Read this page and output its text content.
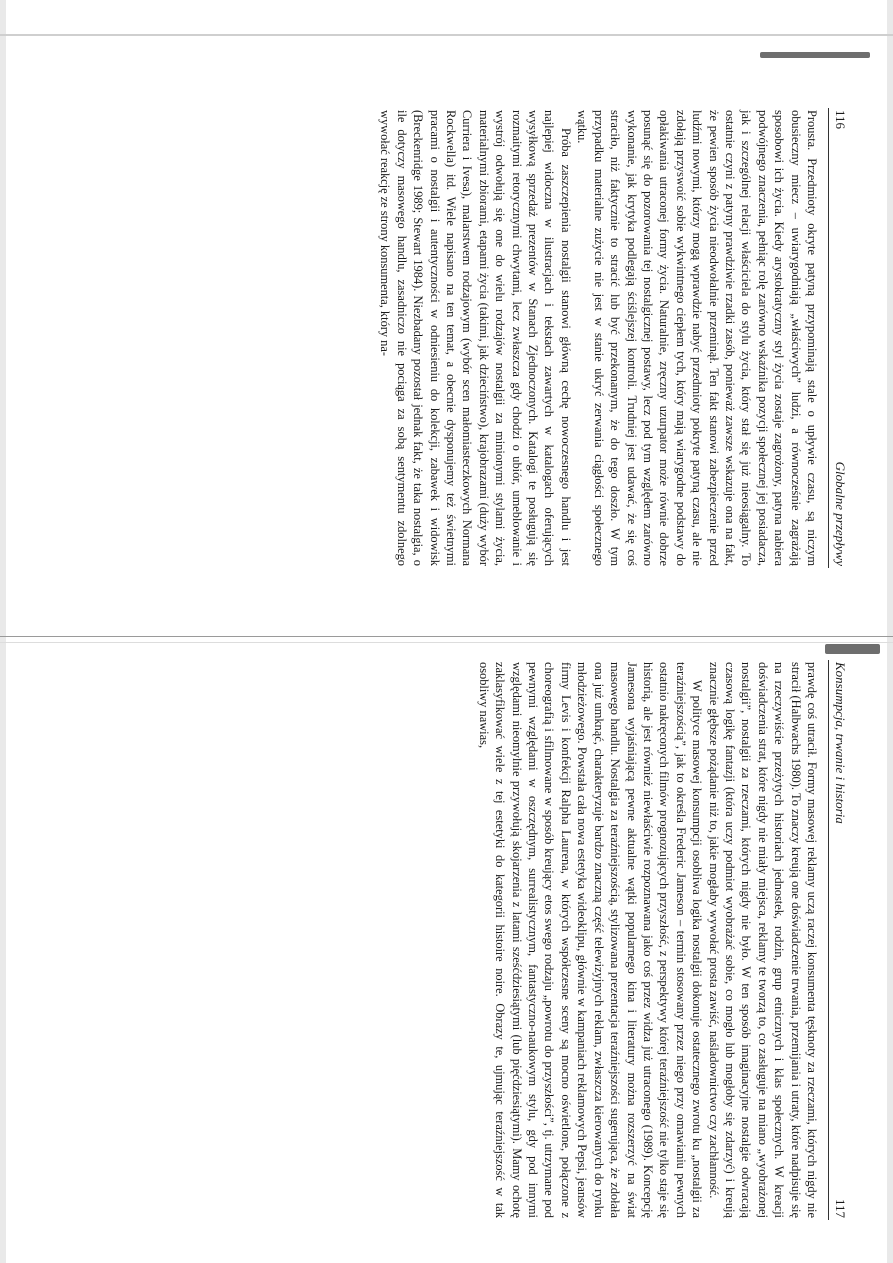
116
Globalne przepływy

Prousta. Przedmioty okryte patyną przypominają stale o upływie czasu, są niczym obusieczny miecz – uwiarygodniają „właściwych” ludzi, a równocześnie zagrażają sposobowi ich życia. Kiedy arystokratyczny styl życia zostaje zagrożony, patyna nabiera podwójnego znaczenia, pełniąc rolę zarówno wskaźnika pozycji społecznej jej posiadacza, jak i szczególnej relacji właściciela do stylu życia, który stał się już nieosiągalny. To ostatnie czyni z patyny prawdziwie rzadki zasób, ponieważ zawsze wskazuje ona na fakt, że pewien sposób życia nieodwołalnie przeminął. Ten fakt stanowi zabezpieczenie przed ludźmi nowymi, którzy mogą wprawdzie nabyć przedmioty pokryte patyną czasu, ale nie zdołają przyswoić sobie wykwintnego ciepłem tych, który mają wiarygodne podstawy do opłakiwania utraconej formy życia. Naturalnie, zręczny uzurpator może równie dobrze posunąć się do pozorowania tej nostalgicznej postawy, lecz pod tym względem zarówno wykonanie, jak krytyka podlegają ściślejszej kontroli. Trudniej jest udawać, że się coś straciło, niż faktycznie to stracić lub być przekonanym, że do tego doszło. W tym przypadku materialne zużycie nie jest w stanie ukryć zerwania ciągłości społecznego wątku.

Próba zaszczepienia nostalgii stanowi główną cechę nowoczesnego handlu i jest najlepiej widoczna w ilustracjach i tekstach zawartych w katalogach oferujących wysyłkową sprzedaż prezentów w Stanach Zjednoczonych. Katalogi te posługują się rozmaitymi retorycznymi chwytami, lecz zwłaszcza gdy chodzi o ubiór, umeblowanie i wystrój odwołują się one do wielu rodzajów nostalgii za minionymi stylami życia, materialnymi zbiorami, etapami życia (takimi, jak dzieciństwo), krajobrazami (duży wybór Curriera i Ivesa), malarstwem rodzajowym (wybór scen małomiasteczkowych Normana Rockwella) itd. Wiele napisano na ten temat, a obecnie dysponujemy też świetnymi pracami o nostalgii i autentyczności w odniesieniu do kolekcji, zabawek i widowisk (Breckenridge 1989; Stewart 1984). Niezbadany pozostał jednak fakt, że taka nostalgia, o ile dotyczy masowego handlu, zasadniczo nie pociąga za sobą sentymentu zdolnego wywołać reakcję ze strony konsumenta, który na-

Konsumpcja, trwanie i historia
117

prawdę coś utracił. Formy masowej reklamy uczą raczej konsumenta tęsknoty za rzeczami, których nigdy nie stracił (Halbwachs 1980). To znaczy kreują one doświadczenie trwania, przemijania i utraty, które nadpisuje się na rzeczywiście przeżytych historiach jednostek, rodzin, grup etnicznych i klas społecznych. W kreacji doświadczenia strat, które nigdy nie miały miejsca, reklamy te tworzą to, co zasługuje na miano „wyobrażonej nostalgii”, nostalgii za rzeczami, których nigdy nie było. W ten sposób imaginacyjne nostalgie odwracają czasową logikę fantazji (która uczy podmiot wyobrażać sobie, co mogło lub mogłoby się zdarzyć) i kreują znacznie głębsze pożądanie niż to, jakie mogłaby wywołać prosta zawiść, naśladownictwo czy zachłanność.

W polityce masowej konsumpcji osobliwa logika nostalgii dokonuje ostatecznego zwrotu ku „nostalgii za teraźniejszością”, jak to określa Frederic Jameson – termin stosowany przez niego przy omawianiu pewnych ostatnio nakręconych filmów prognozujących przyszłość, z perspektywy której teraźniejszość nie tylko staje się historią, ale jest również niewłaściwie rozpoznawana jako coś przez widza już utraconego (1989). Koncepcję Jamesona wyjaśniającą pewne aktualne wątki popularnego kina i literatury można rozszerzyć na świat masowego handlu. Nostalgia za teraźniejszością, stylizowana prezentacja teraźniejszości sugerująca, że zdołała ona już umknąć, charakteryzuje bardzo znaczną część telewizyjnych reklam, zwłaszcza kierowanych do rynku młodzieżowego. Powstała cała nowa estetyka wideoklipu, głównie w kampaniach reklamowych Pepsi, jeansów firmy Levis i konfekcji Ralpha Laurena, w których współczesne sceny są mocno oświetlone, połączone z choreografią i sfilmowane w sposób kreujący etos swego rodzaju „powrotu do przyszłości”, tj. utrzymane pod pewnymi względami w oszczędnym, surrealistycznym, fantastyczno-naukowym stylu, gdy pod innymi względami nieomylnie przywołują skojarzenia z latami sześćdziesiątymi (lub pięćdziesiątymi). Mamy ochotę zaklasyfikować wiele z tej estetyki do kategorii histoire noire. Obrazy te, ujmując teraźniejszość w tak osobliwy nawias,
